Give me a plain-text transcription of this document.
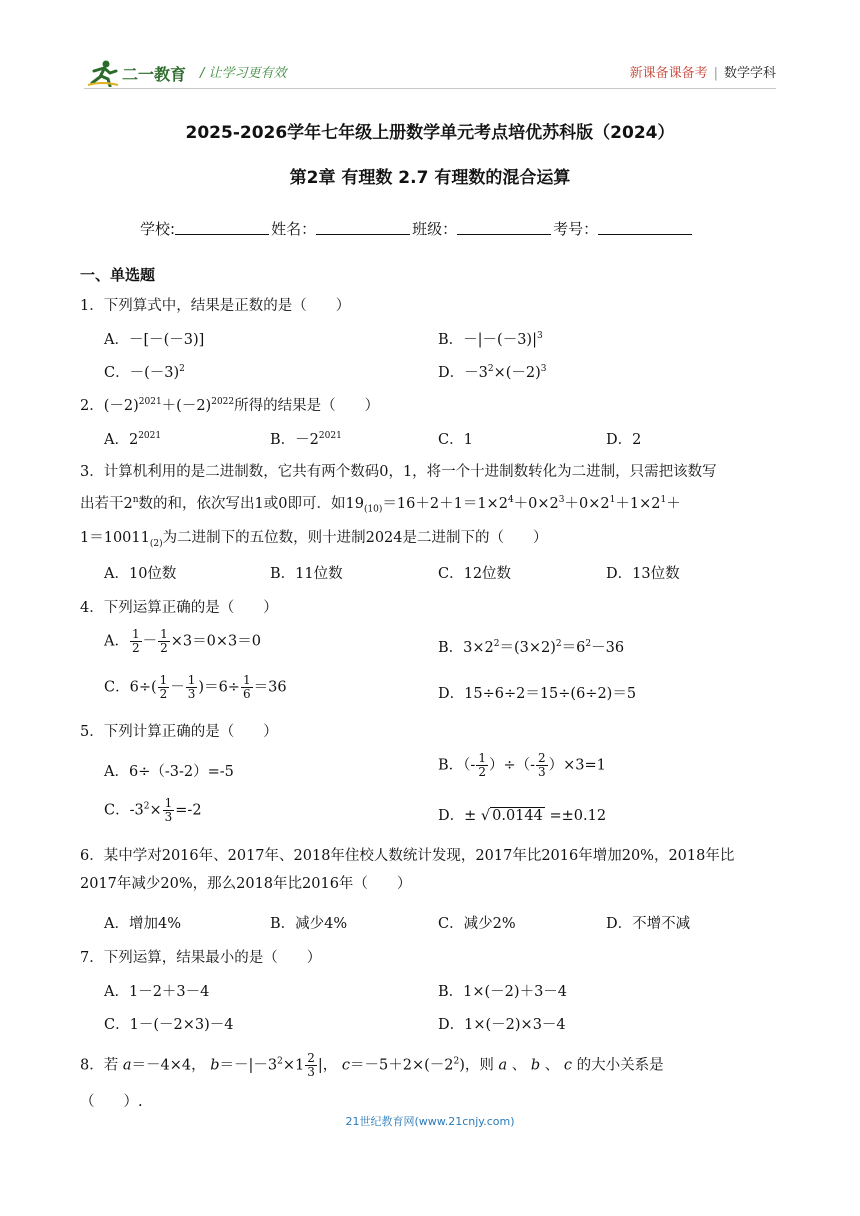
二一教育 / 让学习更有效	新课备课备考 | 数学学科
2025-2026学年七年级上册数学单元考点培优苏科版（2024）
第2章 有理数 2.7 有理数的混合运算
学校:	姓名：	班级：	考号：
一、单选题
1．下列算式中，结果是正数的是（　　）
A．－[－(－3)]	B．$-|-(-3)|^3$
C．$-(-3)^2$	D．$-3^2\times(-2)^3$
2．$(-2)^{2021}+(-2)^{2022}$所得的结果是（　　）
A．$2^{2021}$	B．$-2^{2021}$	C．1	D．2
3．计算机利用的是二进制数，它共有两个数码0，1，将一个十进制数转化为二进制，只需把该数写
出若干2$^n$数的和，依次写出1或0即可．如$19_{(10)}=16+2+1=1\times 2^4+0\times 2^3+0\times 2^1+1\times 2^1+$
$1=10011_{(2)}$为二进制下的五位数，则十进制2024是二进制下的（　　）
A．10位数	B．11位数	C．12位数	D．13位数
4．下列运算正确的是（　　）
A． $\frac{1}{2} - \frac{1}{2} \times 3=0\times 3=0$	B．$3\times 2^2=(3\times 2)^2=6^2-36$
C．$6\div( \frac{1}{2} - \frac{1}{3} )=6\div \frac{1}{6} =36$	D．15÷6÷2＝15÷(6÷2)＝5
5．下列计算正确的是（　　）
A．6÷（-3-2）=-5	B．（- $\frac{1}{2}$ ）÷（- $\frac{2}{3} )\times 3=1$
C．$-3^2\times \frac{1}{3} =-2$	D．± √ 0.0144 =±0.12
6．某中学对2016年、2017年、2018年住校人数统计发现，2017年比2016年增加20%，2018年比
2017年减少20%，那么2018年比2016年（　　）
A．增加4%	B．减少4%	C．减少2%	D．不增不减
7．下列运算，结果最小的是（　　）
A．1－2＋3－4	B．1×(－2)＋3－4
C．1－(－2×3)－4	D．1×(－2)×3－4
8．若 a＝－4×4， $b=-|-3^2\times 1 \frac{2}{3}$ |， $c=-5+2\times(-2^2)$，则 a 、 b 、 c 的大小关系是
（　　）.
21世纪教育网(www.21cnjy.com)
